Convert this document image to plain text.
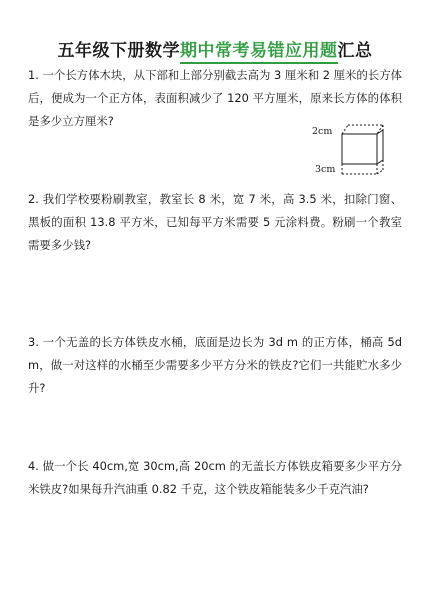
五年级下册数学期中常考易错应用题汇总

1. 一个长方体木块，从下部和上部分别截去高为 3 厘米和 2 厘米的长方体后，便成为一个正方体，表面积减少了 120 平方厘米，原来长方体的体积是多少立方厘米?

2cm
3cm

2. 我们学校要粉刷教室，教室长 8 米，宽 7 米，高 3.5 米，扣除门窗、黑板的面积 13.8 平方米，已知每平方米需要 5 元涂料费。粉刷一个教室需要多少钱?

3. 一个无盖的长方体铁皮水桶，底面是边长为 3d m 的正方体，桶高 5d m，做一对这样的水桶至少需要多少平方分米的铁皮?它们一共能贮水多少升?

4. 做一个长 40cm,宽 30cm,高 20cm 的无盖长方体铁皮箱要多少平方分米铁皮?如果每升汽油重 0.82 千克，这个铁皮箱能装多少千克汽油?
